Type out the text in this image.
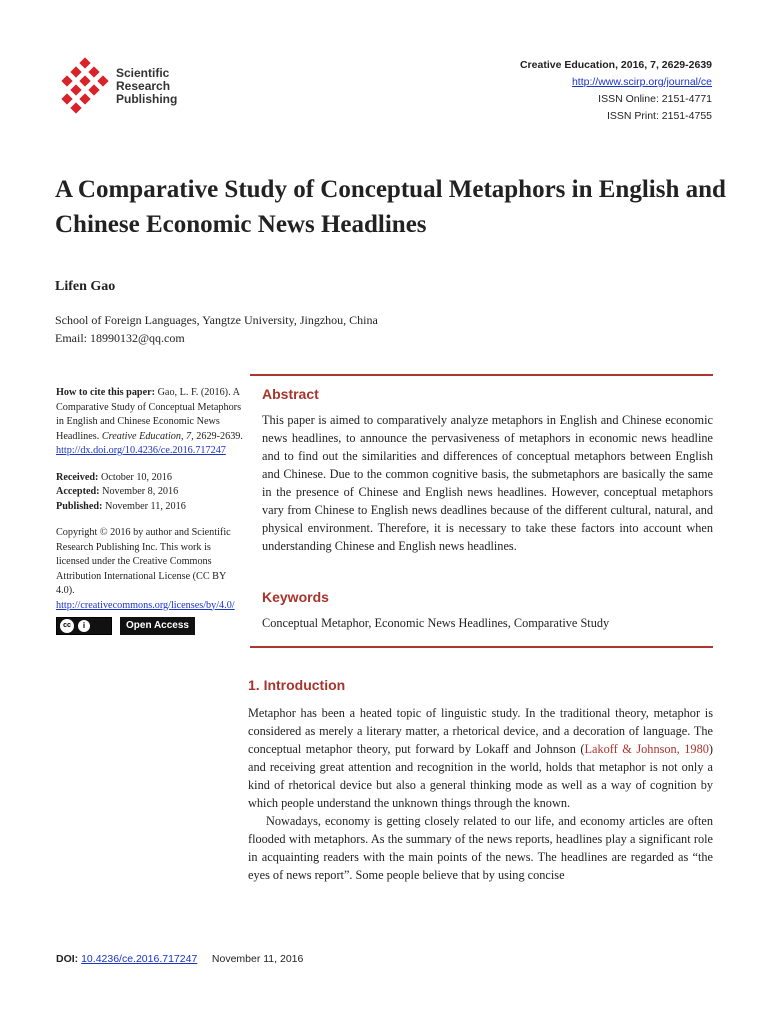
Scientific
Research
Publishing
Creative Education, 2016, 7, 2629-2639
http://www.scirp.org/journal/ce
ISSN Online: 2151-4771
ISSN Print: 2151-4755
A Comparative Study of Conceptual Metaphors in English and Chinese Economic News Headlines
Lifen Gao
School of Foreign Languages, Yangtze University, Jingzhou, China
Email: 18990132@qq.com

How to cite this paper: Gao, L. F. (2016). A Comparative Study of Conceptual Metaphors in English and Chinese Economic News Headlines. Creative Education, 7, 2629-2639.

http://dx.doi.org/10.4236/ce.2016.717247

Received: October 10, 2016

Accepted: November 8, 2016

Published: November 11, 2016

Copyright © 2016 by author and Scientific Research Publishing Inc. This work is licensed under the Creative Commons Attribution International License (CC BY 4.0).

http://creativecommons.org/licenses/by/4.0/

cc	i	Open Access
Abstract

This paper is aimed to comparatively analyze metaphors in English and Chinese economic news headlines, to announce the pervasiveness of metaphors in economic news headline and to find out the similarities and differences of conceptual metaphors between English and Chinese. Due to the common cognitive basis, the submetaphors are basically the same in the presence of Chinese and English news headlines. However, conceptual metaphors vary from Chinese to English news deadlines because of the different cultural, natural, and physical environment. Therefore, it is necessary to take these factors into account when understanding Chinese and English news headlines.

Keywords

Conceptual Metaphor, Economic News Headlines, Comparative Study

1. Introduction

Metaphor has been a heated topic of linguistic study. In the traditional theory, metaphor is considered as merely a literary matter, a rhetorical device, and a decoration of language. The conceptual metaphor theory, put forward by Lokaff and Johnson (Lakoff & Johnson, 1980) and receiving great attention and recognition in the world, holds that metaphor is not only a kind of rhetorical device but also a general thinking mode as well as a way of cognition by which people understand the unknown things through the known.

Nowadays, economy is getting closely related to our life, and economy articles are often flooded with metaphors. As the summary of the news reports, headlines play a significant role in acquainting readers with the main points of the news. The headlines are regarded as “the eyes of news report”. Some people believe that by using concise

DOI: 10.4236/ce.2016.717247 November 11, 2016
